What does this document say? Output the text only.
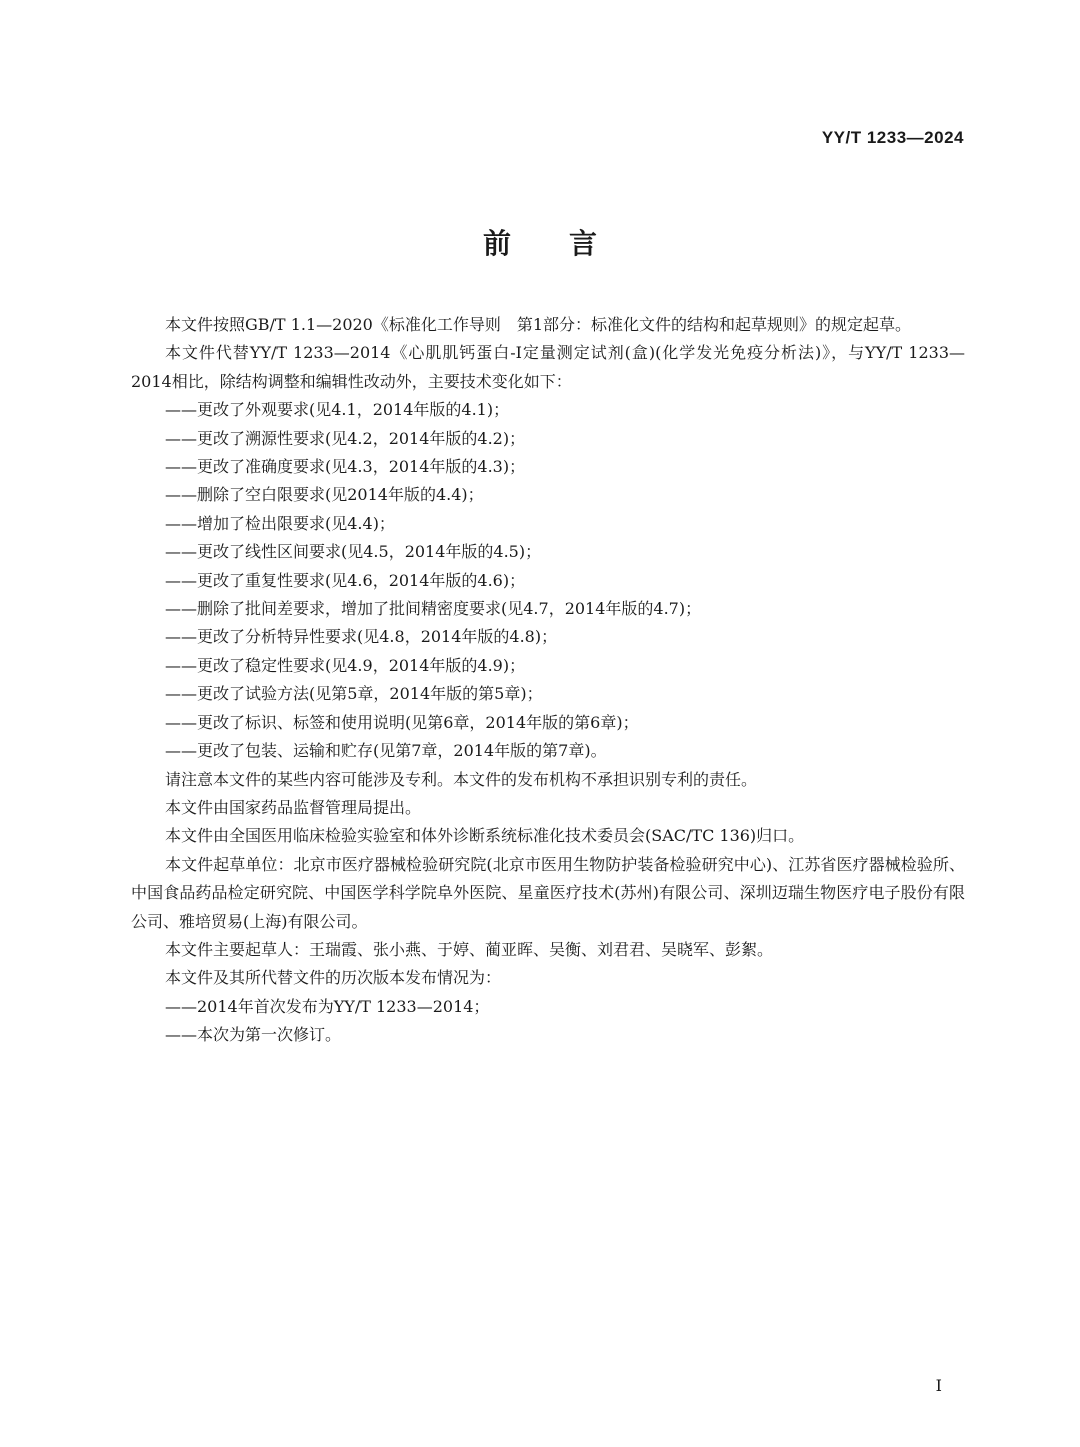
YY/T 1233—2024
前言

本文件按照GB/T 1.1—2020《标准化工作导则　第1部分：标准化文件的结构和起草规则》的规定起草。

本文件代替YY/T 1233—2014《心肌肌钙蛋白-I定量测定试剂(盒)(化学发光免疫分析法)》，与YY/T 1233—2014相比，除结构调整和编辑性改动外，主要技术变化如下：

——更改了外观要求(见4.1，2014年版的4.1)；

——更改了溯源性要求(见4.2，2014年版的4.2)；

——更改了准确度要求(见4.3，2014年版的4.3)；

——删除了空白限要求(见2014年版的4.4)；

——增加了检出限要求(见4.4)；

——更改了线性区间要求(见4.5，2014年版的4.5)；

——更改了重复性要求(见4.6，2014年版的4.6)；

——删除了批间差要求，增加了批间精密度要求(见4.7，2014年版的4.7)；

——更改了分析特异性要求(见4.8，2014年版的4.8)；

——更改了稳定性要求(见4.9，2014年版的4.9)；

——更改了试验方法(见第5章，2014年版的第5章)；

——更改了标识、标签和使用说明(见第6章，2014年版的第6章)；

——更改了包装、运输和贮存(见第7章，2014年版的第7章)。

请注意本文件的某些内容可能涉及专利。本文件的发布机构不承担识别专利的责任。

本文件由国家药品监督管理局提出。

本文件由全国医用临床检验实验室和体外诊断系统标准化技术委员会(SAC/TC 136)归口。

本文件起草单位：北京市医疗器械检验研究院(北京市医用生物防护装备检验研究中心)、江苏省医疗器械检验所、中国食品药品检定研究院、中国医学科学院阜外医院、星童医疗技术(苏州)有限公司、深圳迈瑞生物医疗电子股份有限公司、雅培贸易(上海)有限公司。

本文件主要起草人：王瑞霞、张小燕、于婷、蔺亚晖、吴衡、刘君君、吴晓军、彭絮。

本文件及其所代替文件的历次版本发布情况为：

——2014年首次发布为YY/T 1233—2014；

——本次为第一次修订。

I
